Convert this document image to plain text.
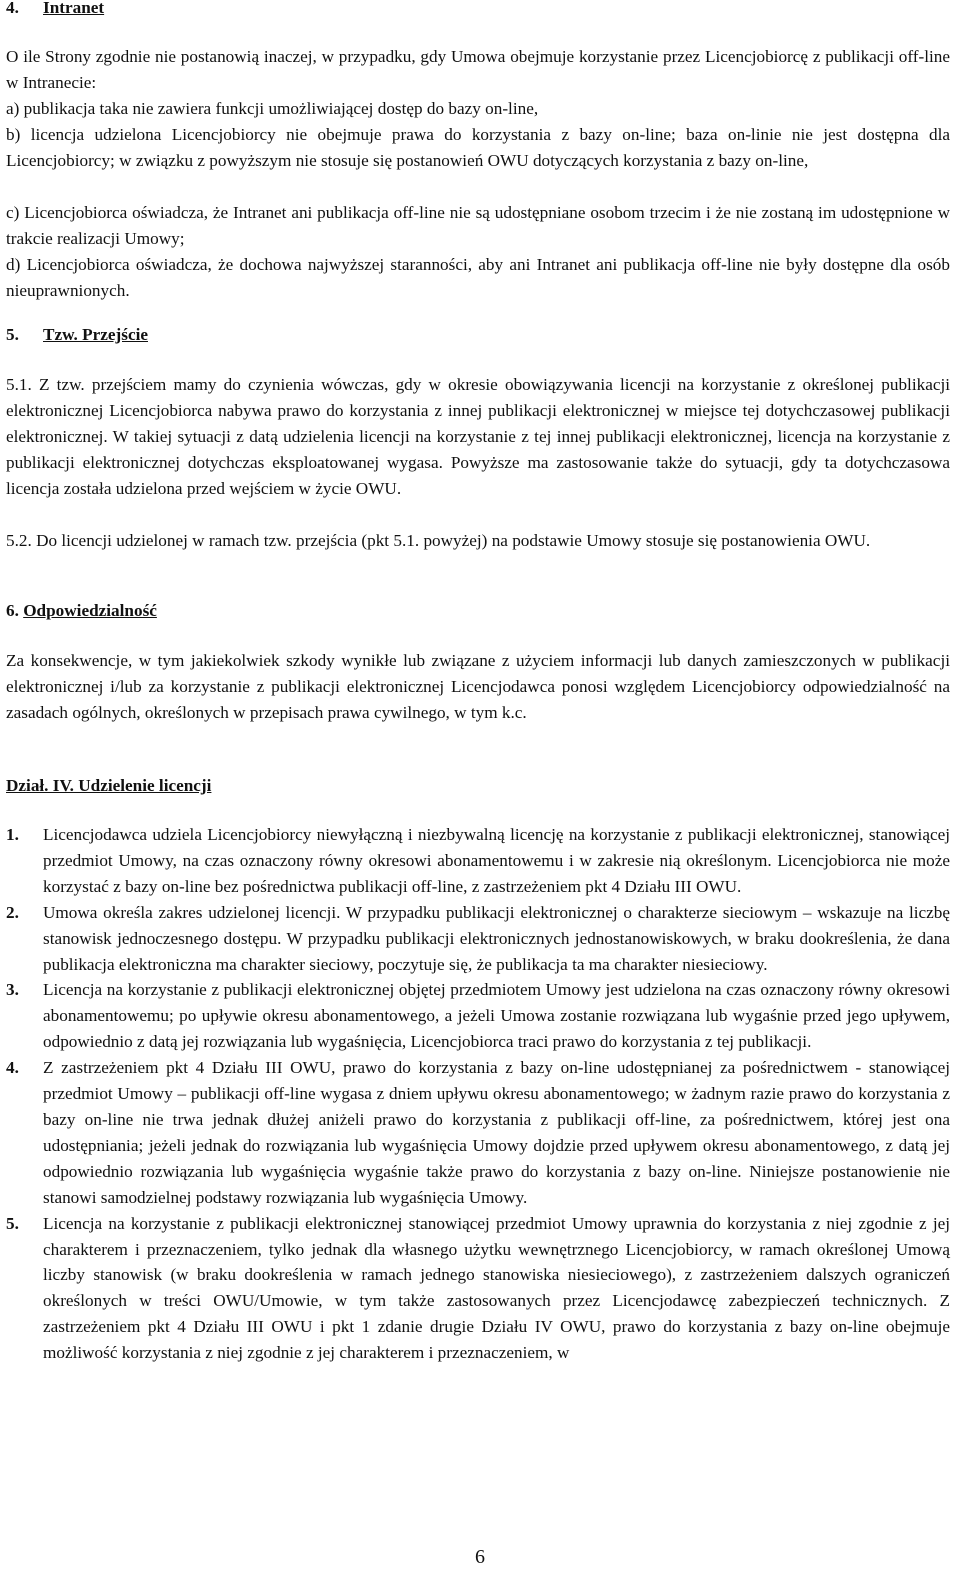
4. Intranet
O ile Strony zgodnie nie postanowią inaczej, w przypadku, gdy Umowa obejmuje korzystanie przez Licencjobiorcę z publikacji off-line w Intranecie:
a) publikacja taka nie zawiera funkcji umożliwiającej dostęp do bazy on-line,
b) licencja udzielona Licencjobiorcy nie obejmuje prawa do korzystania z bazy on-line; baza on-linie nie jest dostępna dla Licencjobiorcy; w związku z powyższym nie stosuje się postanowień OWU dotyczących korzystania z bazy on-line,
c) Licencjobiorca oświadcza, że Intranet ani publikacja off-line nie są udostępniane osobom trzecim i że nie zostaną im udostępnione w trakcie realizacji Umowy;
d) Licencjobiorca oświadcza, że dochowa najwyższej staranności, aby ani Intranet ani publikacja off-line nie były dostępne dla osób nieuprawnionych.
5. Tzw. Przejście
5.1. Z tzw. przejściem mamy do czynienia wówczas, gdy w okresie obowiązywania licencji na korzystanie z określonej publikacji elektronicznej Licencjobiorca nabywa prawo do korzystania z innej publikacji elektronicznej w miejsce tej dotychczasowej publikacji elektronicznej. W takiej sytuacji z datą udzielenia licencji na korzystanie z tej innej publikacji elektronicznej, licencja na korzystanie z publikacji elektronicznej dotychczas eksploatowanej wygasa. Powyższe ma zastosowanie także do sytuacji, gdy ta dotychczasowa licencja została udzielona przed wejściem w życie OWU.
5.2. Do licencji udzielonej w ramach tzw. przejścia (pkt 5.1. powyżej) na podstawie Umowy stosuje się postanowienia OWU.
6. Odpowiedzialność
Za konsekwencje, w tym jakiekolwiek szkody wynikłe lub związane z użyciem informacji lub danych zamieszczonych w publikacji elektronicznej i/lub za korzystanie z publikacji elektronicznej Licencjodawca ponosi względem Licencjobiorcy odpowiedzialność na zasadach ogólnych, określonych w przepisach prawa cywilnego, w tym k.c.
Dział. IV. Udzielenie licencji
1. Licencjodawca udziela Licencjobiorcy niewyłączną i niezbywalną licencję na korzystanie z publikacji elektronicznej, stanowiącej przedmiot Umowy, na czas oznaczony równy okresowi abonamentowemu i w zakresie nią określonym. Licencjobiorca nie może korzystać z bazy on-line bez pośrednictwa publikacji off-line, z zastrzeżeniem pkt 4 Działu III OWU.
2. Umowa określa zakres udzielonej licencji. W przypadku publikacji elektronicznej o charakterze sieciowym – wskazuje na liczbę stanowisk jednoczesnego dostępu. W przypadku publikacji elektronicznych jednostanowiskowych, w braku dookreślenia, że dana publikacja elektroniczna ma charakter sieciowy, poczytuje się, że publikacja ta ma charakter niesieciowy.
3. Licencja na korzystanie z publikacji elektronicznej objętej przedmiotem Umowy jest udzielona na czas oznaczony równy okresowi abonamentowemu; po upływie okresu abonamentowego, a jeżeli Umowa zostanie rozwiązana lub wygaśnie przed jego upływem, odpowiednio z datą jej rozwiązania lub wygaśnięcia, Licencjobiorca traci prawo do korzystania z tej publikacji.
4. Z zastrzeżeniem pkt 4 Działu III OWU, prawo do korzystania z bazy on-line udostępnianej za pośrednictwem - stanowiącej przedmiot Umowy – publikacji off-line wygasa z dniem upływu okresu abonamentowego; w żadnym razie prawo do korzystania z bazy on-line nie trwa jednak dłużej aniżeli prawo do korzystania z publikacji off-line, za pośrednictwem, której jest ona udostępniania; jeżeli jednak do rozwiązania lub wygaśnięcia Umowy dojdzie przed upływem okresu abonamentowego, z datą jej odpowiednio rozwiązania lub wygaśnięcia wygaśnie także prawo do korzystania z bazy on-line. Niniejsze postanowienie nie stanowi samodzielnej podstawy rozwiązania lub wygaśnięcia Umowy.
5. Licencja na korzystanie z publikacji elektronicznej stanowiącej przedmiot Umowy uprawnia do korzystania z niej zgodnie z jej charakterem i przeznaczeniem, tylko jednak dla własnego użytku wewnętrznego Licencjobiorcy, w ramach określonej Umową liczby stanowisk (w braku dookreślenia w ramach jednego stanowiska niesieciowego), z zastrzeżeniem dalszych ograniczeń określonych w treści OWU/Umowie, w tym także zastosowanych przez Licencjodawcę zabezpieczeń technicznych. Z zastrzeżeniem pkt 4 Działu III OWU i pkt 1 zdanie drugie Działu IV OWU, prawo do korzystania z bazy on-line obejmuje możliwość korzystania z niej zgodnie z jej charakterem i przeznaczeniem, w
6
